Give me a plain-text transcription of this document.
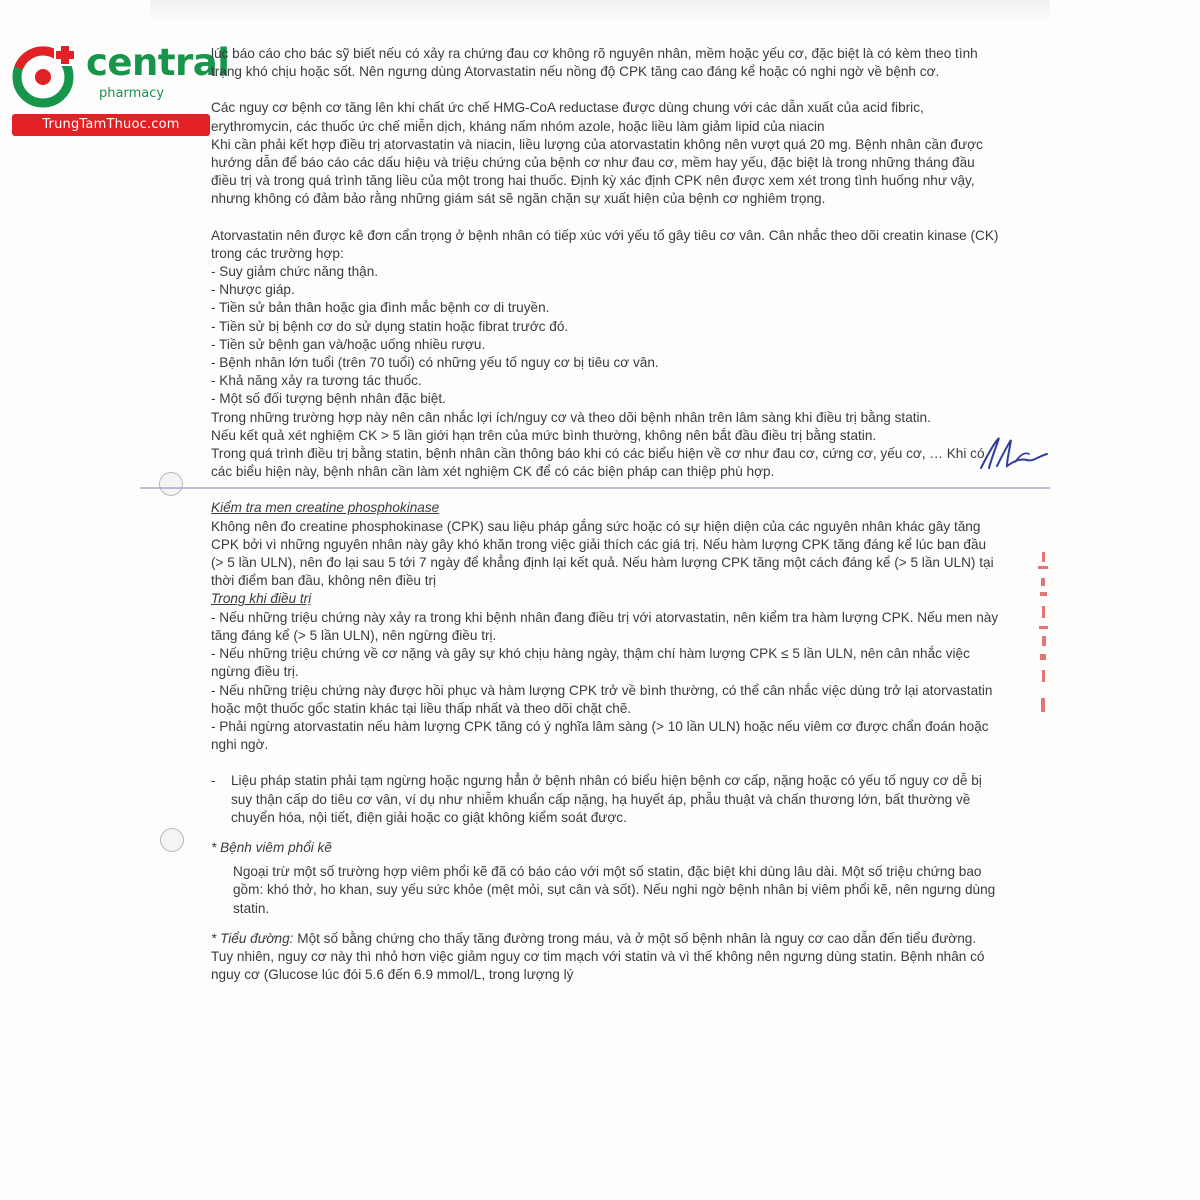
central
pharmacy
TrungTamThuoc.com

lúc báo cáo cho bác sỹ biết nếu có xảy ra chứng đau cơ không rõ nguyên nhân, mềm hoặc yếu cơ, đặc biệt là có kèm theo tình trạng khó chịu hoặc sốt. Nên ngưng dùng Atorvastatin nếu nồng độ CPK tăng cao đáng kể hoặc có nghi ngờ về bệnh cơ.

Các nguy cơ bệnh cơ tăng lên khi chất ức chế HMG-CoA reductase được dùng chung với các dẫn xuất của acid fibric, erythromycin, các thuốc ức chế miễn dịch, kháng nấm nhóm azole, hoặc liều làm giảm lipid của niacin

Khi cần phải kết hợp điều trị atorvastatin và niacin, liều lượng của atorvastatin không nên vượt quá 20 mg. Bệnh nhân cần được hướng dẫn để báo cáo các dấu hiệu và triệu chứng của bệnh cơ như đau cơ, mềm hay yếu, đặc biệt là trong những tháng đầu điều trị và trong quá trình tăng liều của một trong hai thuốc. Định kỳ xác định CPK nên được xem xét trong tình huống như vậy, nhưng không có đảm bảo rằng những giám sát sẽ ngăn chặn sự xuất hiện của bệnh cơ nghiêm trọng.

Atorvastatin nên được kê đơn cẩn trọng ở bệnh nhân có tiếp xúc với yếu tố gây tiêu cơ vân. Cân nhắc theo dõi creatin kinase (CK) trong các trường hợp:

- Suy giảm chức năng thận.

- Nhược giáp.

- Tiền sử bản thân hoặc gia đình mắc bệnh cơ di truyền.

- Tiền sử bị bệnh cơ do sử dụng statin hoặc fibrat trước đó.

- Tiền sử bệnh gan và/hoặc uống nhiều rượu.

- Bệnh nhân lớn tuổi (trên 70 tuổi) có những yếu tố nguy cơ bị tiêu cơ vân.

- Khả năng xảy ra tương tác thuốc.

- Một số đối tượng bệnh nhân đặc biệt.

Trong những trường hợp này nên cân nhắc lợi ích/nguy cơ và theo dõi bệnh nhân trên lâm sàng khi điều trị bằng statin.

Nếu kết quả xét nghiệm CK > 5 lần giới hạn trên của mức bình thường, không nên bắt đầu điều trị bằng statin.

Trong quá trình điều trị bằng statin, bệnh nhân cần thông báo khi có các biểu hiện về cơ như đau cơ, cứng cơ, yếu cơ, … Khi có các biểu hiện này, bệnh nhân cần làm xét nghiệm CK để có các biện pháp can thiệp phù hợp.

Kiểm tra men creatine phosphokinase

Không nên đo creatine phosphokinase (CPK) sau liệu pháp gắng sức hoặc có sự hiện diện của các nguyên nhân khác gây tăng CPK bởi vì những nguyên nhân này gây khó khăn trong việc giải thích các giá trị. Nếu hàm lượng CPK tăng đáng kể lúc ban đầu (> 5 lần ULN), nên đo lại sau 5 tới 7 ngày để khẳng định lại kết quả. Nếu hàm lượng CPK tăng một cách đáng kể (> 5 lần ULN) tại thời điểm ban đầu, không nên điều trị

Trong khi điều trị

- Nếu những triệu chứng này xảy ra trong khi bệnh nhân đang điều trị với atorvastatin, nên kiểm tra hàm lượng CPK. Nếu men này tăng đáng kể (> 5 lần ULN), nên ngừng điều trị.

- Nếu những triệu chứng về cơ nặng và gây sự khó chịu hàng ngày, thậm chí hàm lượng CPK ≤ 5 lần ULN, nên cân nhắc việc ngừng điều trị.

- Nếu những triệu chứng này được hồi phục và hàm lượng CPK trở về bình thường, có thể cân nhắc việc dùng trở lại atorvastatin hoặc một thuốc gốc statin khác tại liều thấp nhất và theo dõi chặt chẽ.

- Phải ngừng atorvastatin nếu hàm lượng CPK tăng có ý nghĩa lâm sàng (> 10 lần ULN) hoặc nếu viêm cơ được chẩn đoán hoặc nghi ngờ.

- Liệu pháp statin phải tạm ngừng hoặc ngưng hẳn ở bệnh nhân có biểu hiện bệnh cơ cấp, nặng hoặc có yếu tố nguy cơ dễ bị suy thận cấp do tiêu cơ vân, ví dụ như nhiễm khuẩn cấp nặng, hạ huyết áp, phẫu thuật và chấn thương lớn, bất thường về chuyển hóa, nội tiết, điện giải hoặc co giật không kiểm soát được.

* Bệnh viêm phổi kẽ

Ngoại trừ một số trường hợp viêm phổi kẽ đã có báo cáo với một số statin, đặc biệt khi dùng lâu dài. Một số triệu chứng bao gồm: khó thở, ho khan, suy yếu sức khỏe (mệt mỏi, sụt cân và sốt). Nếu nghi ngờ bệnh nhân bị viêm phổi kẽ, nên ngưng dùng statin.

* Tiểu đường: Một số bằng chứng cho thấy tăng đường trong máu, và ở một số bệnh nhân là nguy cơ cao dẫn đến tiểu đường. Tuy nhiên, nguy cơ này thì nhỏ hơn việc giảm nguy cơ tim mạch với statin và vì thế không nên ngưng dùng statin. Bệnh nhân có nguy cơ (Glucose lúc đói 5.6 đến 6.9 mmol/L, trong lượng lý
